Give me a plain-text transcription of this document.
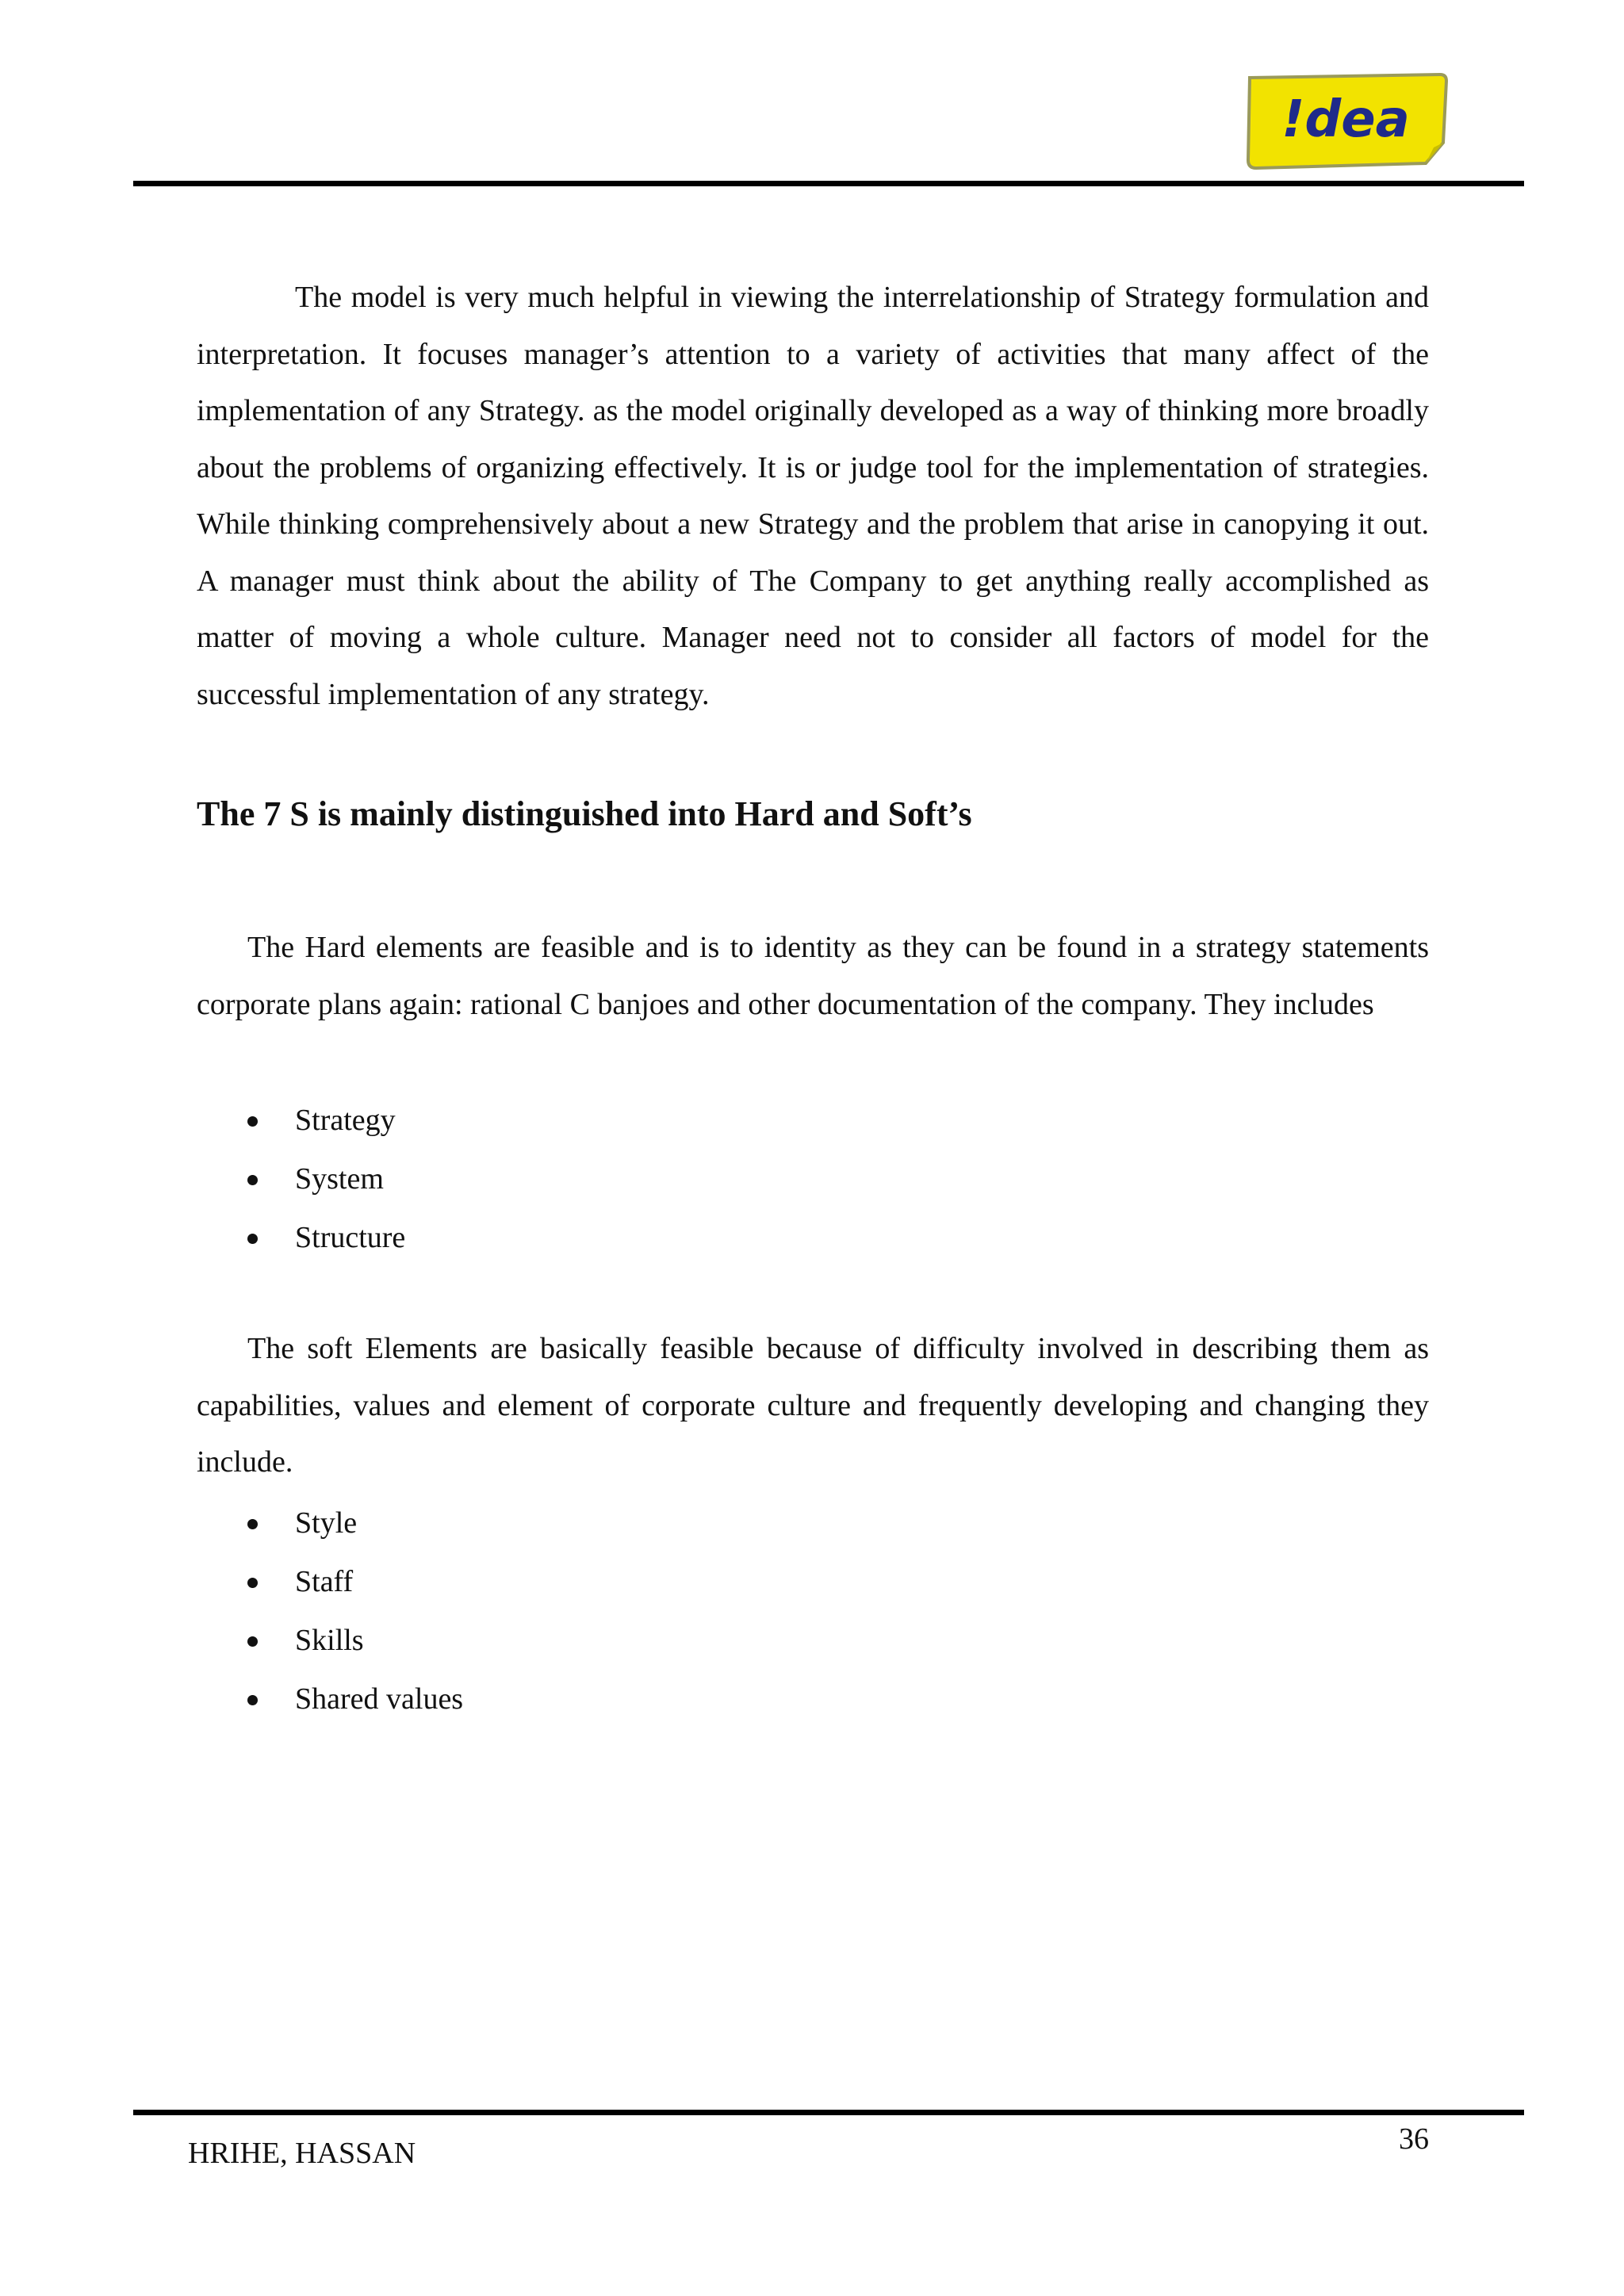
!dea

The model is very much helpful in viewing the interrelationship of Strategy formulation and interpretation. It focuses manager’s attention to a variety of activities that many affect of the implementation of any Strategy. as the model originally developed as a way of thinking more broadly about the problems of organizing effectively. It is or judge tool for the implementation of strategies. While thinking comprehensively about a new Strategy and the problem that arise in canopying it out. A manager must think about the ability of The Company to get anything really accomplished as matter of moving a whole culture. Manager need not to consider all factors of model for the successful implementation of any strategy.

The 7 S is mainly distinguished into Hard and Soft’s

The Hard elements are feasible and is to identity as they can be found in a strategy statements corporate plans again: rational C banjoes and other documentation of the company. They includes

Strategy
System
Structure

The soft Elements are basically feasible because of difficulty involved in describing them as capabilities, values and element of corporate culture and frequently developing and changing they include.

Style
Staff
Skills
Shared values
HRIHE, HASSAN	36
